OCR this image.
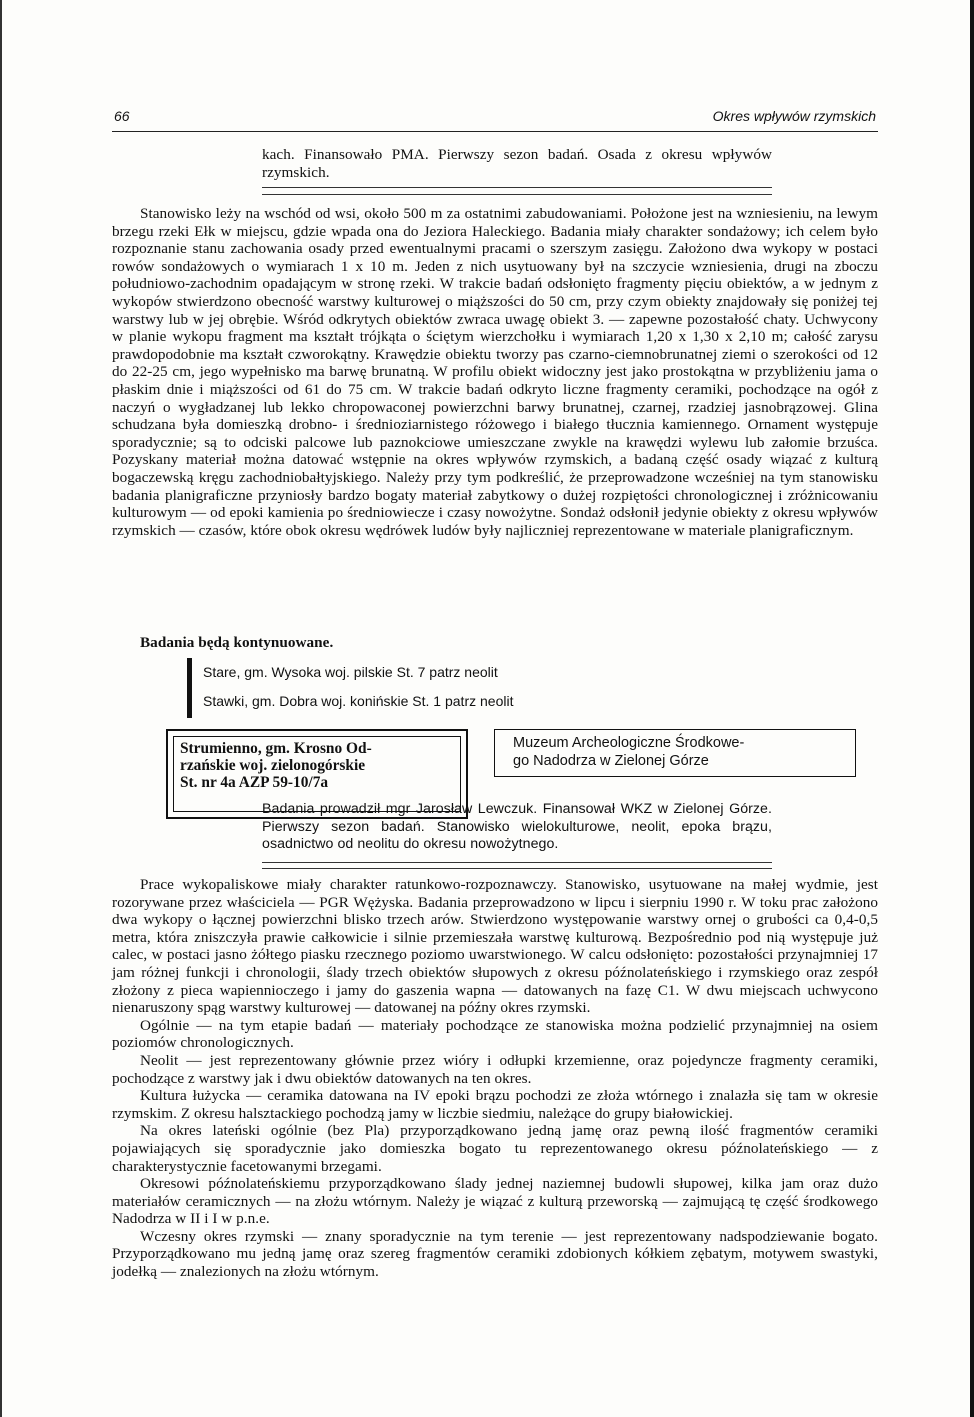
66	Okres wpływów rzymskich

kach. Finansowało PMA. Pierwszy sezon badań. Osada z okresu wpływów rzymskich.

Stanowisko leży na wschód od wsi, około 500 m za ostatnimi zabudowaniami. Położone jest na wzniesieniu, na lewym brzegu rzeki Ełk w miejscu, gdzie wpada ona do Jeziora Haleckiego. Badania miały charakter sondażowy; ich celem było rozpoznanie stanu zachowania osady przed ewentualnymi pracami o szerszym zasięgu. Założono dwa wykopy w postaci rowów sondażowych o wymiarach 1 x 10 m. Jeden z nich usytuowany był na szczycie wzniesienia, drugi na zboczu południowo-zachodnim opadającym w stronę rzeki. W trakcie badań odsłonięto fragmenty pięciu obiektów, a w jednym z wykopów stwierdzono obecność warstwy kulturowej o miąższości do 50 cm, przy czym obiekty znajdowały się poniżej tej warstwy lub w jej obrębie. Wśród odkrytych obiektów zwraca uwagę obiekt 3. — zapewne pozostałość chaty. Uchwycony w planie wykopu fragment ma kształt trójkąta o ściętym wierzchołku i wymiarach 1,20 x 1,30 x 2,10 m; całość zarysu prawdopodobnie ma kształt czworokątny. Krawędzie obiektu tworzy pas czarno-ciemnobrunatnej ziemi o szerokości od 12 do 22-25 cm, jego wypełnisko ma barwę brunatną. W profilu obiekt widoczny jest jako prostokątna w przybliżeniu jama o płaskim dnie i miąższości od 61 do 75 cm. W trakcie badań odkryto liczne fragmenty ceramiki, pochodzące na ogół z naczyń o wygładzanej lub lekko chropowaconej powierzchni barwy brunatnej, czarnej, rzadziej jasnobrązowej. Glina schudzana była domieszką drobno- i średnioziarnistego różowego i białego tłucznia kamiennego. Ornament występuje sporadycznie; są to odciski palcowe lub paznokciowe umieszczane zwykle na krawędzi wylewu lub załomie brzuśca. Pozyskany materiał można datować wstępnie na okres wpływów rzymskich, a badaną część osady wiązać z kulturą bogaczewską kręgu zachodniobałtyjskiego. Należy przy tym podkreślić, że przeprowadzone wcześniej na tym stanowisku badania planigraficzne przyniosły bardzo bogaty materiał zabytkowy o dużej rozpiętości chronologicznej i zróżnicowaniu kulturowym — od epoki kamienia po średniowiecze i czasy nowożytne. Sondaż odsłonił jedynie obiekty z okresu wpływów rzymskich — czasów, które obok okresu wędrówek ludów były najliczniej reprezentowane w materiale planigraficznym.

Badania będą kontynuowane.

Stare, gm. Wysoka woj. pilskie St. 7 patrz neolit
Stawki, gm. Dobra woj. konińskie St. 1 patrz neolit
Strumienno, gm. Krosno Od-
rzańskie woj. zielonogórskie
St. nr 4a AZP 59-10/7a
Muzeum Archeologiczne Środkowe-
go Nadodrza w Zielonej Górze

Badania prowadził mgr Jarosław Lewczuk. Finansował WKZ w Zielonej Górze. Pierwszy sezon badań. Stanowisko wielokulturowe, neolit, epoka brązu, osadnictwo od neolitu do okresu nowożytnego.

Prace wykopaliskowe miały charakter ratunkowo-rozpoznawczy. Stanowisko, usytuowane na małej wydmie, jest rozorywane przez właściciela — PGR Wężyska. Badania przeprowadzono w lipcu i sierpniu 1990 r. W toku prac założono dwa wykopy o łącznej powierzchni blisko trzech arów. Stwierdzono występowanie warstwy ornej o grubości ca 0,4-0,5 metra, która zniszczyła prawie całkowicie i silnie przemieszała warstwę kulturową. Bezpośrednio pod nią występuje już calec, w postaci jasno żółtego piasku rzecznego poziomo uwarstwionego. W calcu odsłonięto: pozostałości przynajmniej 17 jam różnej funkcji i chronologii, ślady trzech obiektów słupowych z okresu późnolateńskiego i rzymskiego oraz zespół złożony z pieca wapiennioczego i jamy do gaszenia wapna — datowanych na fazę C1. W dwu miejscach uchwycono nienaruszony spąg warstwy kulturowej — datowanej na późny okres rzymski.

Ogólnie — na tym etapie badań — materiały pochodzące ze stanowiska można podzielić przynajmniej na osiem poziomów chronologicznych.

Neolit — jest reprezentowany głównie przez wióry i odłupki krzemienne, oraz pojedyncze fragmenty ceramiki, pochodzące z warstwy jak i dwu obiektów datowanych na ten okres.

Kultura łużycka — ceramika datowana na IV epoki brązu pochodzi ze złoża wtórnego i znalazła się tam w okresie rzymskim. Z okresu halsztackiego pochodzą jamy w liczbie siedmiu, należące do grupy białowickiej.

Na okres lateński ogólnie (bez Pla) przyporządkowano jedną jamę oraz pewną ilość fragmentów ceramiki pojawiających się sporadycznie jako domieszka bogato tu reprezentowanego okresu późnolateńskiego — z charakterystycznie facetowanymi brzegami.

Okresowi późnolateńskiemu przyporządkowano ślady jednej naziemnej budowli słupowej, kilka jam oraz dużo materiałów ceramicznych — na złożu wtórnym. Należy je wiązać z kulturą przeworską — zajmującą tę część środkowego Nadodrza w II i I w p.n.e.

Wczesny okres rzymski — znany sporadycznie na tym terenie — jest reprezentowany nadspodziewanie bogato. Przyporządkowano mu jedną jamę oraz szereg fragmentów ceramiki zdobionych kółkiem zębatym, motywem swastyki, jodełką — znalezionych na złożu wtórnym.
